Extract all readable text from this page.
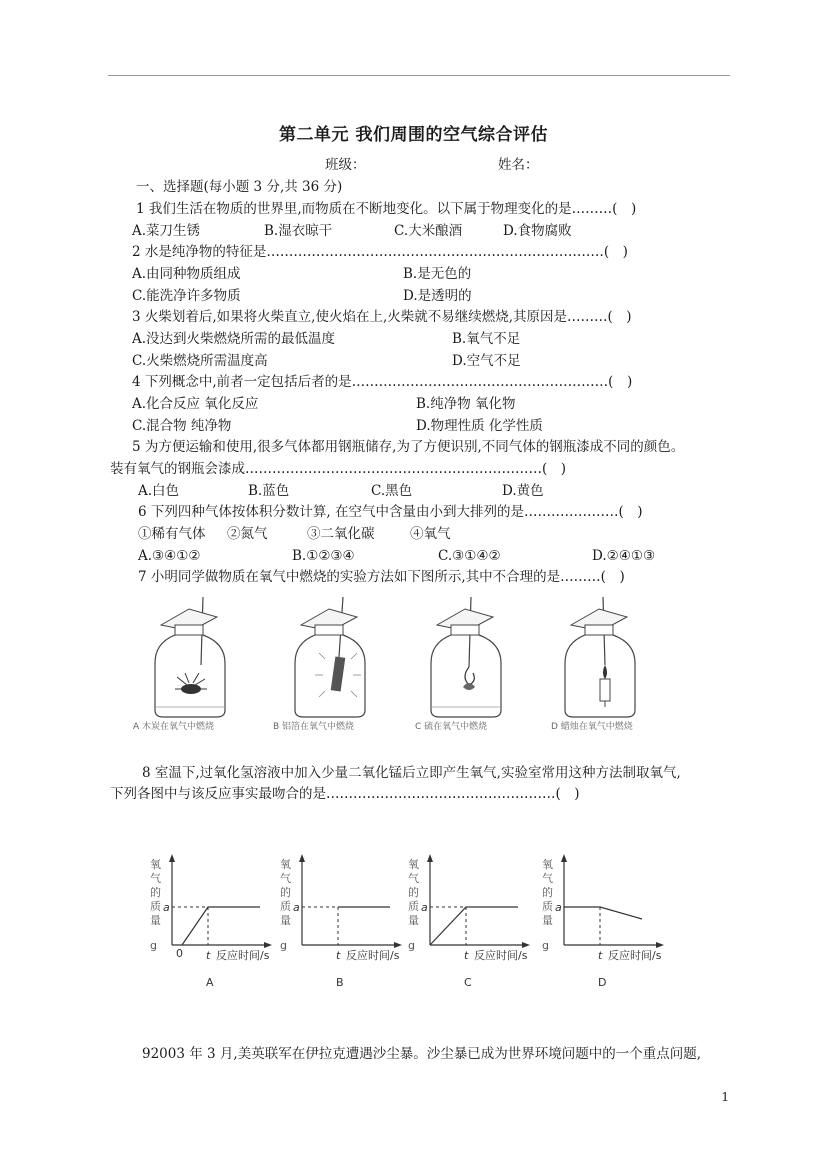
第二单元 我们周围的空气综合评估
班级：	姓名：
一、选择题(每小题 3 分,共 36 分)
1 我们生活在物质的世界里,而物质在不断地变化。以下属于物理变化的是………(　)
A.菜刀生锈	B.湿衣晾干	C.大米酿酒	D.食物腐败
2 水是纯净物的特征是…………………………………………………………………(　)
A.由同种物质组成	B.是无色的
C.能洗净许多物质	D.是透明的
3 火柴划着后,如果将火柴直立,使火焰在上,火柴就不易继续燃烧,其原因是………(　)
A.没达到火柴燃烧所需的最低温度	B.氧气不足
C.火柴燃烧所需温度高	D.空气不足
4 下列概念中,前者一定包括后者的是…………………………………………………(　)
A.化合反应 氧化反应	B.纯净物 氧化物
C.混合物 纯净物	D.物理性质 化学性质
5 为方便运输和使用,很多气体都用钢瓶储存,为了方便识别,不同气体的钢瓶漆成不同的颜色。
装有氧气的钢瓶会漆成…………………………………………………………(　)
A.白色	B.蓝色	C.黑色	D.黄色
6 下列四种气体按体积分数计算, 在空气中含量由小到大排列的是…………………(　)
①稀有气体 ②氮气	③二氧化碳	④氧气
A.③④①②	B.①②③④	C.③①④②	D.②④①③
7 小明同学做物质在氧气中燃烧的实验方法如下图所示,其中不合理的是………(　)
A 木炭在氧气中燃烧	B 铝箔在氧气中燃烧	C 硫在氧气中燃烧	D 蜡烛在氧气中燃烧
8 室温下,过氧化氢溶液中加入少量二氧化锰后立即产生氧气,实验室常用这种方法制取氧气,
下列各图中与该反应事实最吻合的是……………………………………………(　)
氧
气
的
质
量
g
a
t 反应时间/s
0
A
氧
气
的
质
量
g
a
t 反应时间/s
B
氧
气
的
质
量
g
a
t 反应时间/s
C
氧
气
的
质
量
g
a
t 反应时间/s
D
92003 年 3 月,美英联军在伊拉克遭遇沙尘暴。沙尘暴已成为世界环境问题中的一个重点问题,
1
